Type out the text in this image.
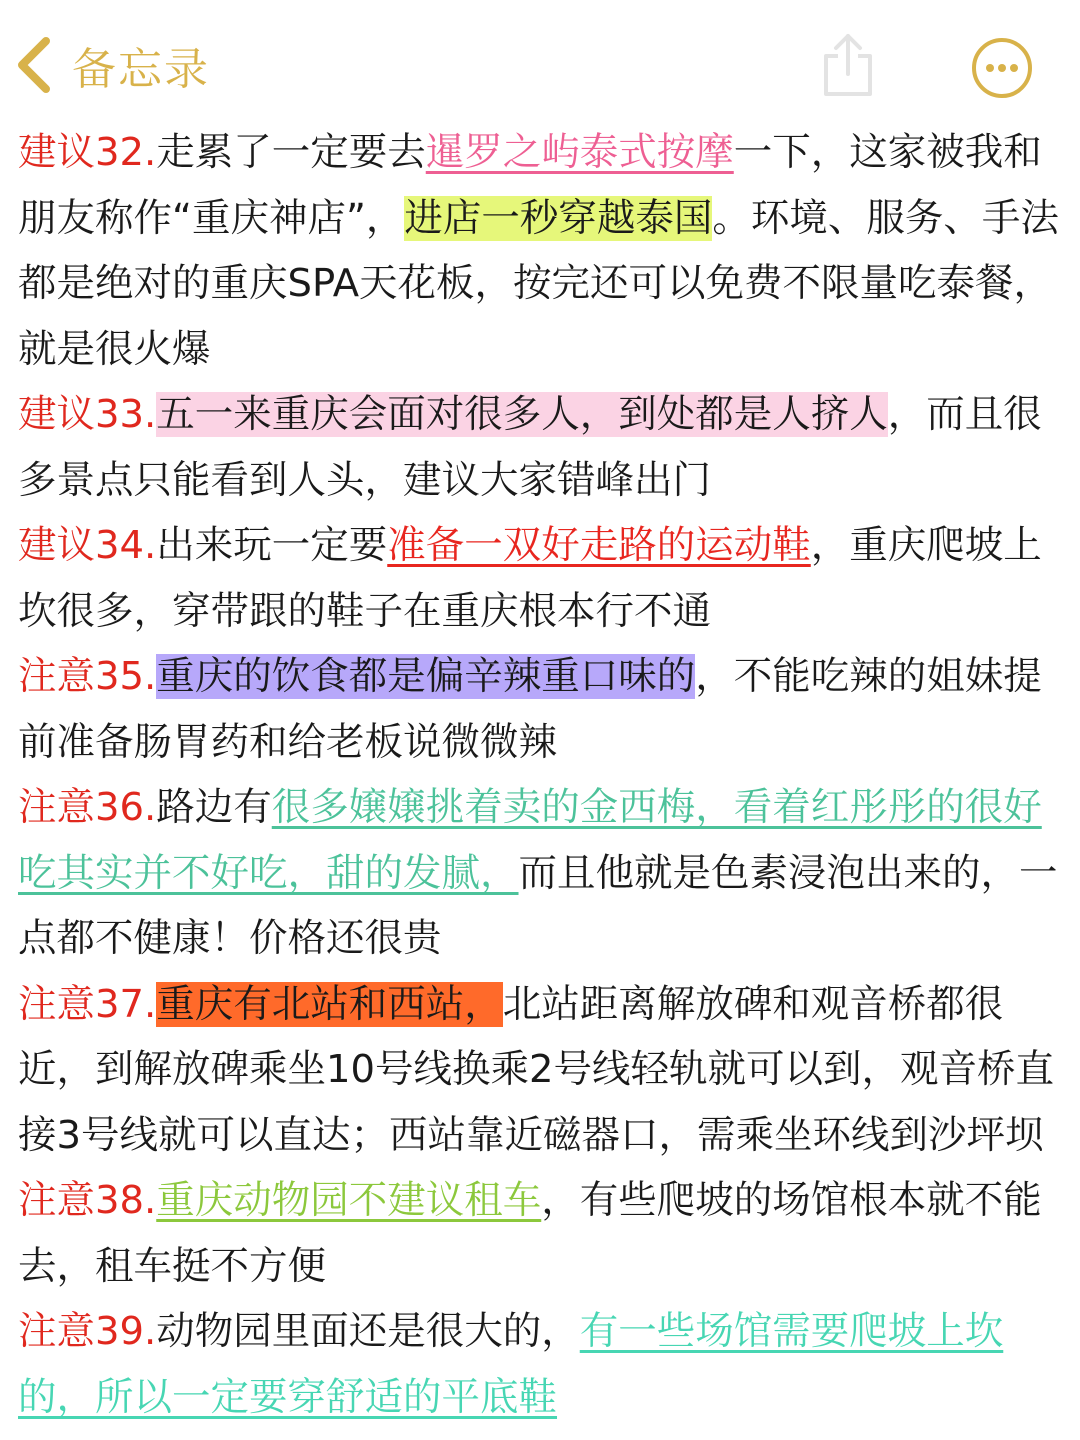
备忘录

建议32.走累了一定要去暹罗之屿泰式按摩一下，这家被我和朋友称作“重庆神店”，进店一秒穿越泰国。环境、服务、手法都是绝对的重庆SPA天花板，按完还可以免费不限量吃泰餐，就是很火爆

建议33.五一来重庆会面对很多人，到处都是人挤人，而且很多景点只能看到人头，建议大家错峰出门

建议34.出来玩一定要准备一双好走路的运动鞋，重庆爬坡上坎很多，穿带跟的鞋子在重庆根本行不通

注意35.重庆的饮食都是偏辛辣重口味的，不能吃辣的姐妹提前准备肠胃药和给老板说微微辣

注意36.路边有很多嬢嬢挑着卖的金西梅，看着红彤彤的很好吃其实并不好吃，甜的发腻，而且他就是色素浸泡出来的，一点都不健康！价格还很贵

注意37.重庆有北站和西站，北站距离解放碑和观音桥都很近，到解放碑乘坐10号线换乘2号线轻轨就可以到，观音桥直接3号线就可以直达；西站靠近磁器口，需乘坐环线到沙坪坝

注意38.重庆动物园不建议租车，有些爬坡的场馆根本就不能去，租车挺不方便

注意39.动物园里面还是很大的，有一些场馆需要爬坡上坎的，所以一定要穿舒适的平底鞋
